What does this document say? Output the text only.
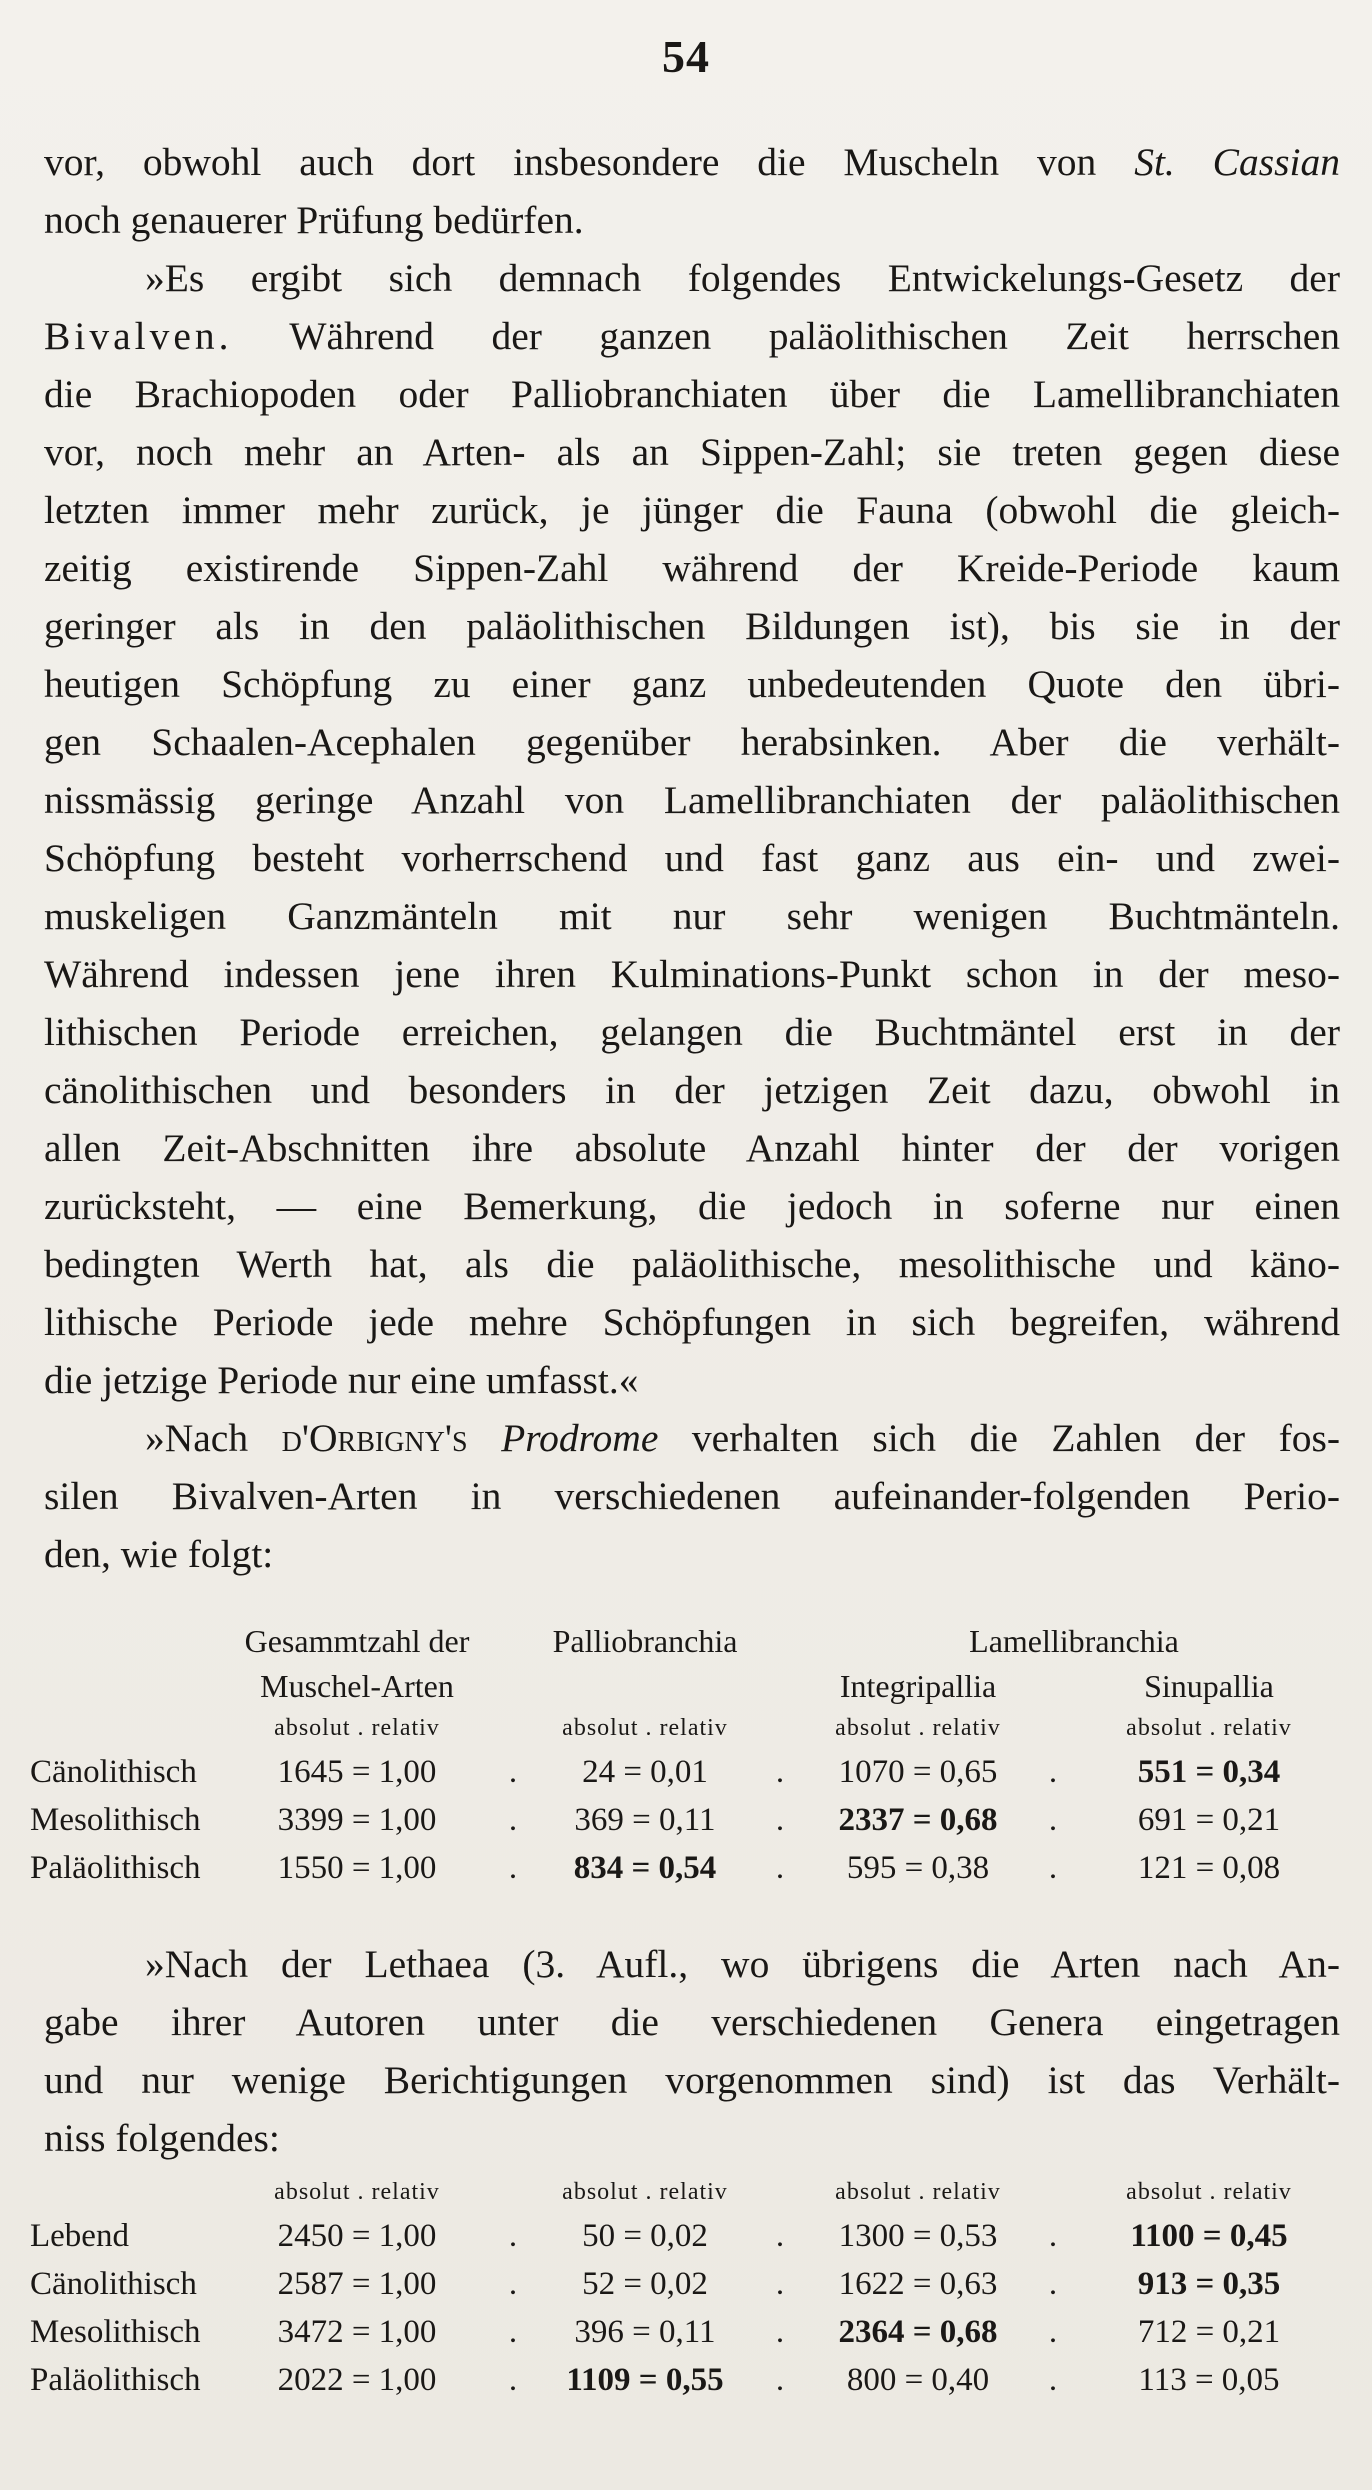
54
vor, obwohl auch dort insbesondere die Muscheln von St. Cassian
noch genauerer Prüfung bedürfen.
»Es ergibt sich demnach folgendes Entwickelungs-Gesetz der
Bivalven. Während der ganzen paläolithischen Zeit herrschen
die Brachiopoden oder Palliobranchiaten über die Lamellibranchiaten
vor, noch mehr an Arten- als an Sippen-Zahl; sie treten gegen diese
letzten immer mehr zurück, je jünger die Fauna (obwohl die gleich-
zeitig existirende Sippen-Zahl während der Kreide-Periode kaum
geringer als in den paläolithischen Bildungen ist), bis sie in der
heutigen Schöpfung zu einer ganz unbedeutenden Quote den übri-
gen Schaalen-Acephalen gegenüber herabsinken. Aber die verhält-
nissmässig geringe Anzahl von Lamellibranchiaten der paläolithischen
Schöpfung besteht vorherrschend und fast ganz aus ein- und zwei-
muskeligen Ganzmänteln mit nur sehr wenigen Buchtmänteln.
Während indessen jene ihren Kulminations-Punkt schon in der meso-
lithischen Periode erreichen, gelangen die Buchtmäntel erst in der
cänolithischen und besonders in der jetzigen Zeit dazu, obwohl in
allen Zeit-Abschnitten ihre absolute Anzahl hinter der der vorigen
zurücksteht, — eine Bemerkung, die jedoch in soferne nur einen
bedingten Werth hat, als die paläolithische, mesolithische und käno-
lithische Periode jede mehre Schöpfungen in sich begreifen, während
die jetzige Periode nur eine umfasst.«
»Nach d'Orbigny's Prodrome verhalten sich die Zahlen der fos-
silen Bivalven-Arten in verschiedenen aufeinander-folgenden Perio-
den, wie folgt:
	Gesammtzahl der		Palliobranchia		Lamellibranchia		
	Muschel-Arten				Integripallia		Sinupallia
	absolut . relativ		absolut . relativ		absolut . relativ		absolut . relativ
Cänolithisch	1645 = 1,00	.	24 = 0,01	.	1070 = 0,65	.	551 = 0,34
Mesolithisch	3399 = 1,00	.	369 = 0,11	.	2337 = 0,68	.	691 = 0,21
Paläolithisch	1550 = 1,00	.	834 = 0,54	.	595 = 0,38	.	121 = 0,08
»Nach der Lethaea (3. Aufl., wo übrigens die Arten nach An-
gabe ihrer Autoren unter die verschiedenen Genera eingetragen
und nur wenige Berichtigungen vorgenommen sind) ist das Verhält-
niss folgendes:
	absolut . relativ		absolut . relativ		absolut . relativ		absolut . relativ
Lebend	2450 = 1,00	.	50 = 0,02	.	1300 = 0,53	.	1100 = 0,45
Cänolithisch	2587 = 1,00	.	52 = 0,02	.	1622 = 0,63	.	913 = 0,35
Mesolithisch	3472 = 1,00	.	396 = 0,11	.	2364 = 0,68	.	712 = 0,21
Paläolithisch	2022 = 1,00	.	1109 = 0,55	.	800 = 0,40	.	113 = 0,05
